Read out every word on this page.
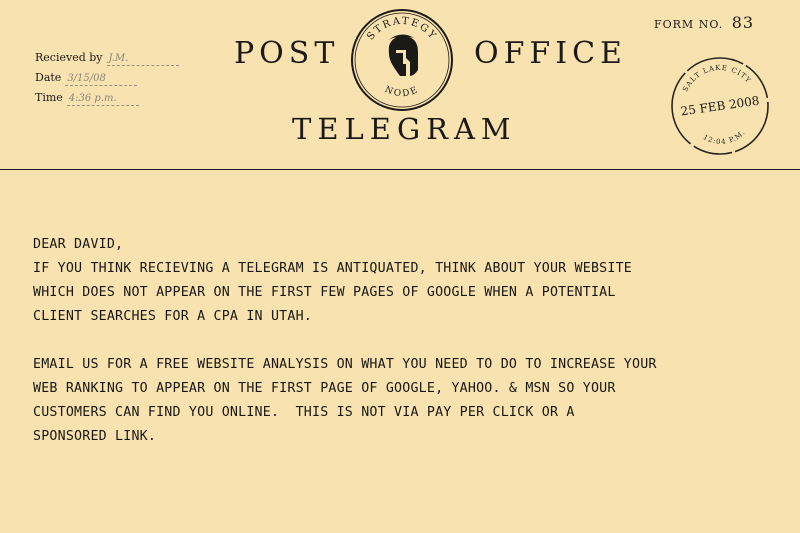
Recieved by J.M.
Date 3/15/08
Time 4:36 p.m.
POST
STRATEGY
NODE
OFFICE
TELEGRAM
FORM NO. 83
SALT LAKE CITY
25 FEB 2008
12:04 P.M.

DEAR DAVID,

IF YOU THINK RECIEVING A TELEGRAM IS ANTIQUATED, THINK ABOUT YOUR WEBSITE

WHICH DOES NOT APPEAR ON THE FIRST FEW PAGES OF GOOGLE WHEN A POTENTIAL

CLIENT SEARCHES FOR A CPA IN UTAH.

EMAIL US FOR A FREE WEBSITE ANALYSIS ON WHAT YOU NEED TO DO TO INCREASE YOUR

WEB RANKING TO APPEAR ON THE FIRST PAGE OF GOOGLE, YAHOO. & MSN SO YOUR

CUSTOMERS CAN FIND YOU ONLINE.  THIS IS NOT VIA PAY PER CLICK OR A

SPONSORED LINK.
